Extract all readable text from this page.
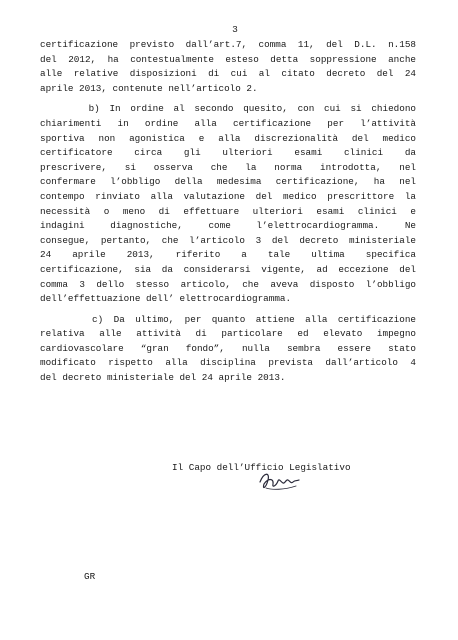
3
certificazione previsto dall’art.7, comma 11, del D.L. n.158
del 2012, ha contestualmente esteso detta soppressione anche
alle relative disposizioni di cui al citato decreto del 24
aprile 2013, contenute nell’articolo 2.
b) In ordine al secondo quesito, con cui si chiedono
chiarimenti in ordine alla certificazione per l’attività
sportiva non agonistica e alla discrezionalità del medico
certificatore circa gli ulteriori esami clinici da
prescrivere, si osserva che la norma introdotta, nel
confermare l’obbligo della medesima certificazione, ha nel
contempo rinviato alla valutazione del medico prescrittore la
necessità o meno di effettuare ulteriori esami clinici e
indagini diagnostiche, come l’elettrocardiogramma. Ne
consegue, pertanto, che l’articolo 3 del decreto ministeriale
24 aprile 2013, riferito a tale ultima specifica
certificazione, sia da considerarsi vigente, ad eccezione del
comma 3 dello stesso articolo, che aveva disposto l’obbligo
dell’effettuazione dell’ elettrocardiogramma.
c) Da ultimo, per quanto attiene alla certificazione
relativa alle attività di particolare ed elevato impegno
cardiovascolare “gran fondo”, nulla sembra essere stato
modificato rispetto alla disciplina prevista dall’articolo 4
del decreto ministeriale del 24 aprile 2013.
Il Capo dell’Ufficio Legislativo
GR
